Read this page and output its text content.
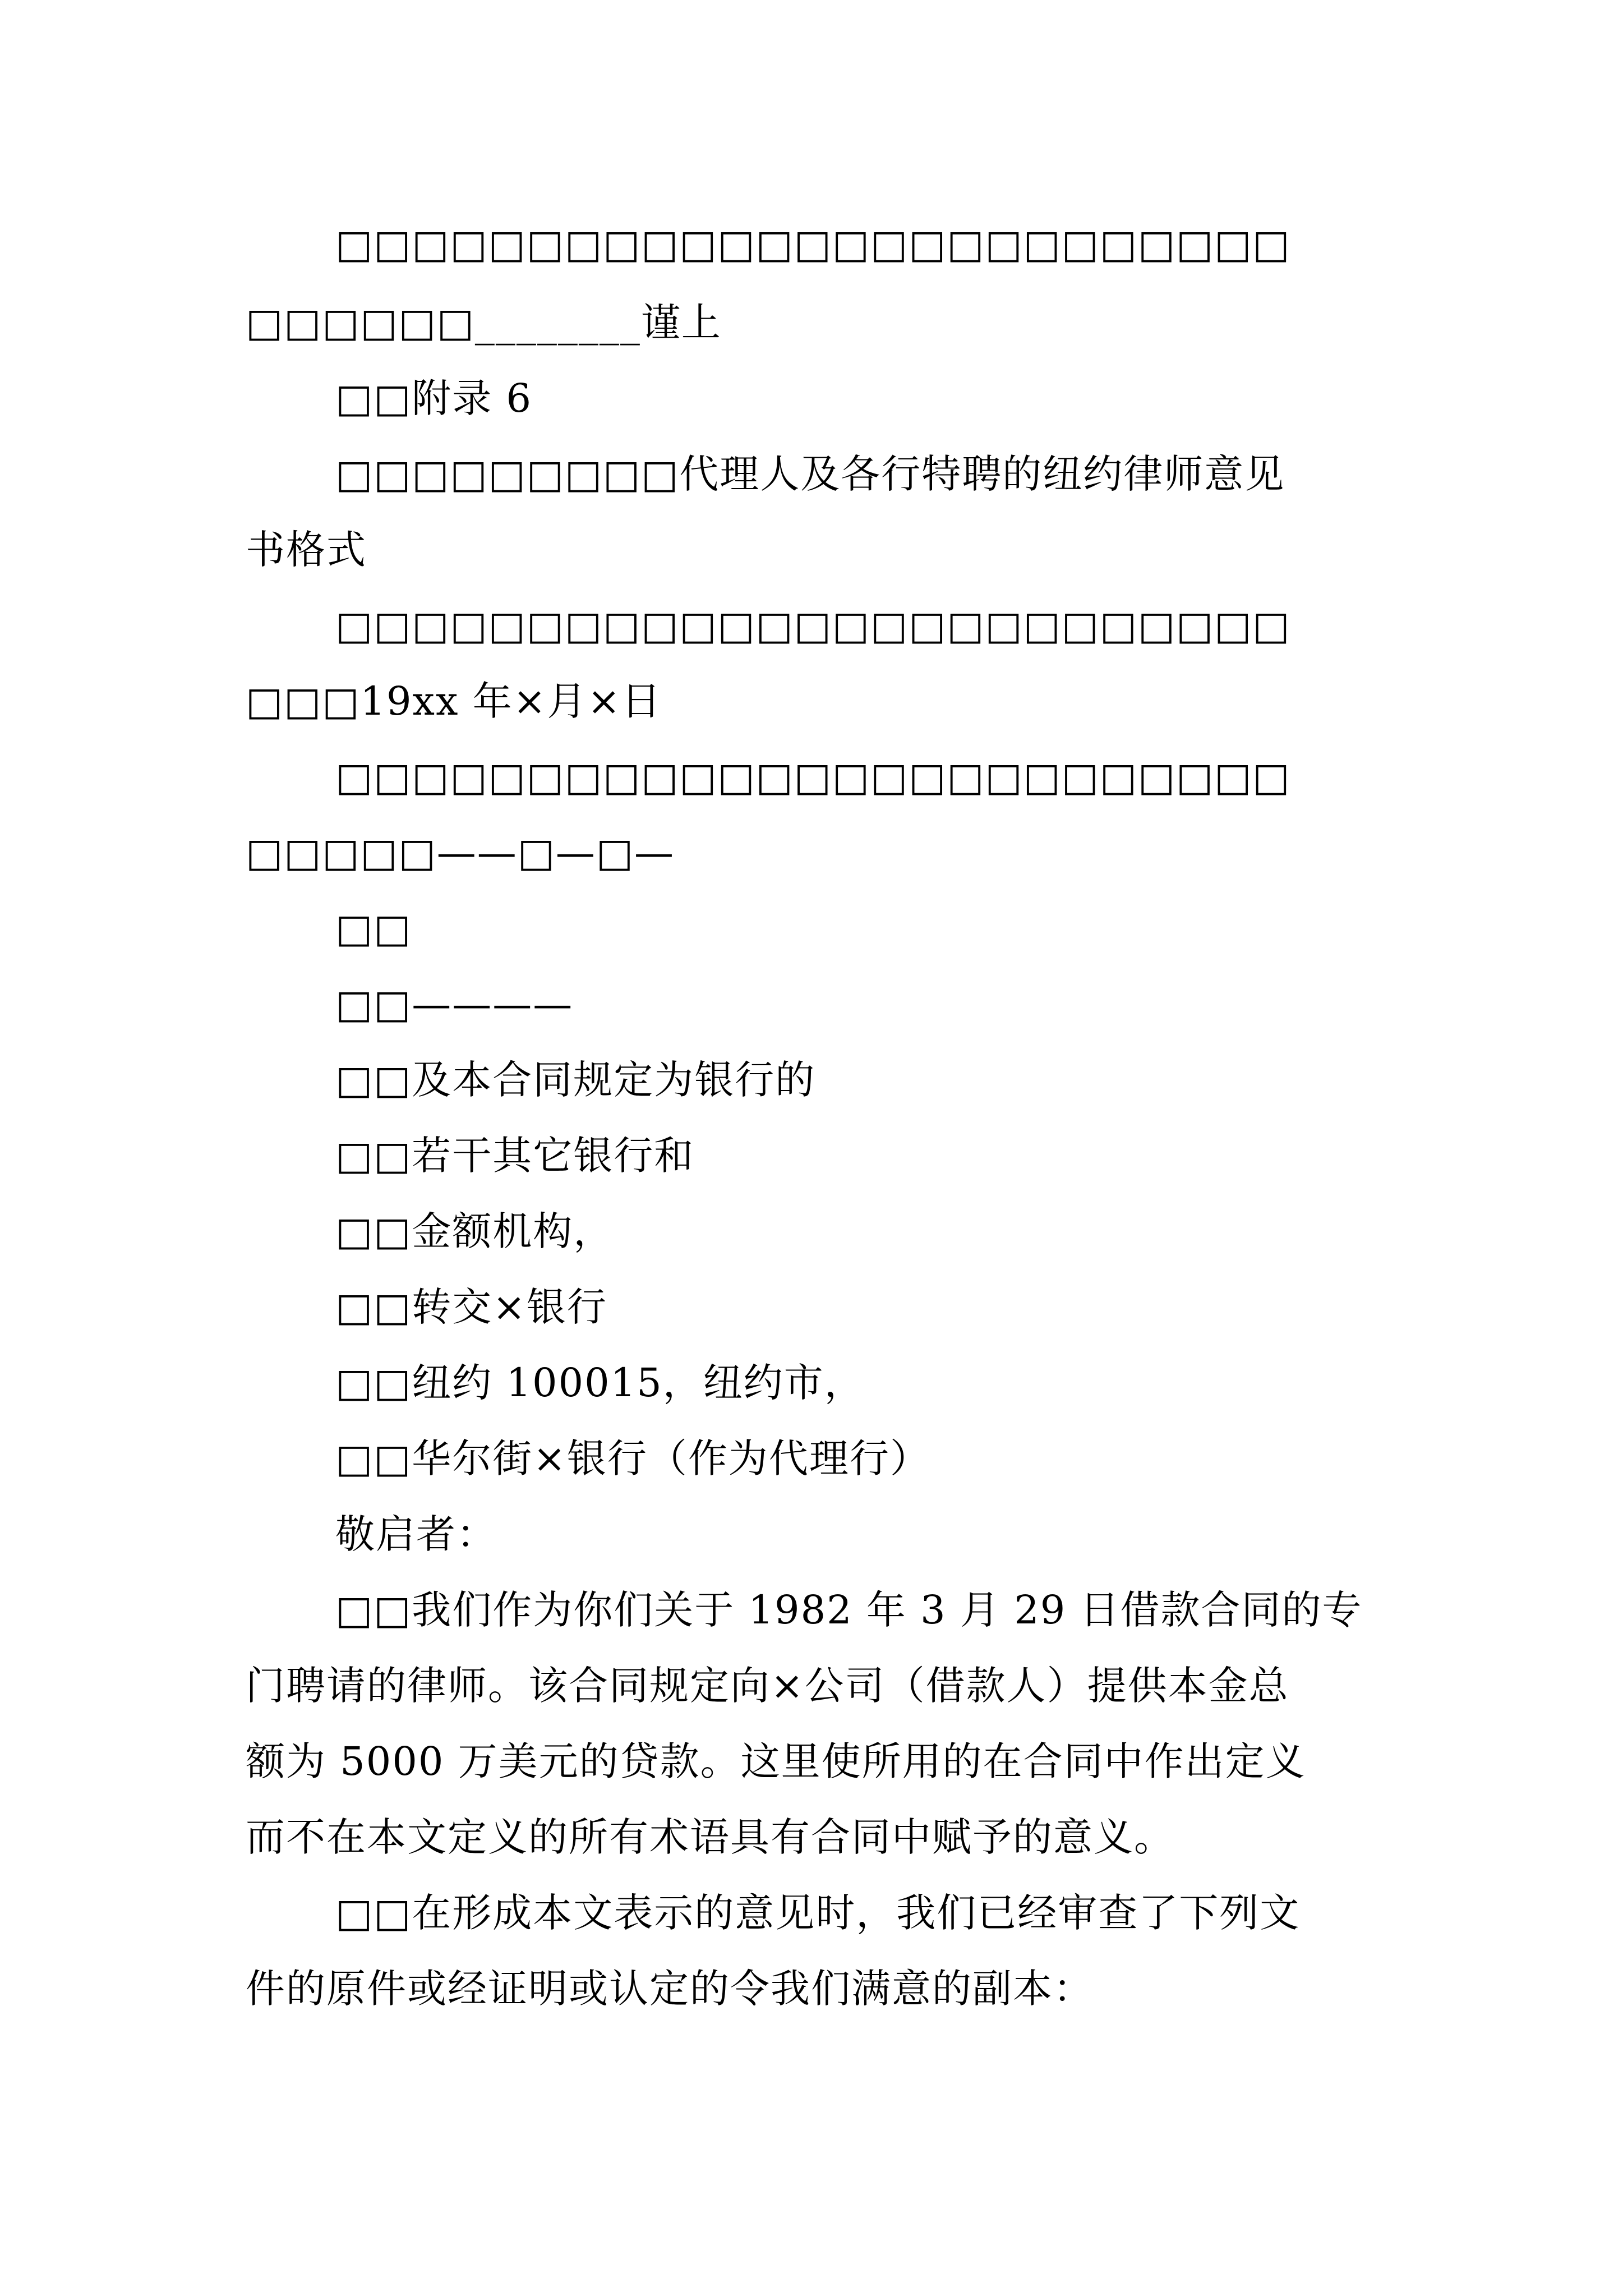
□□□□□□□□□□□□□□□□□□□□□□□□□
□□□□□□________谨上
□□附录 6
□□□□□□□□□代理人及各行特聘的纽约律师意见
书格式
□□□□□□□□□□□□□□□□□□□□□□□□□
□□□19xx 年×月×日
□□□□□□□□□□□□□□□□□□□□□□□□□
□□□□□——□—□—
□□
□□————
□□及本合同规定为银行的
□□若干其它银行和
□□金额机构，
□□转交×银行
□□纽约 100015，纽约市，
□□华尔街×银行（作为代理行）
敬启者：
□□我们作为你们关于 1982 年 3 月 29 日借款合同的专
门聘请的律师。该合同规定向×公司（借款人）提供本金总
额为 5000 万美元的贷款。这里使所用的在合同中作出定义
而不在本文定义的所有术语具有合同中赋予的意义。
□□在形成本文表示的意见时，我们已经审查了下列文
件的原件或经证明或认定的令我们满意的副本：
